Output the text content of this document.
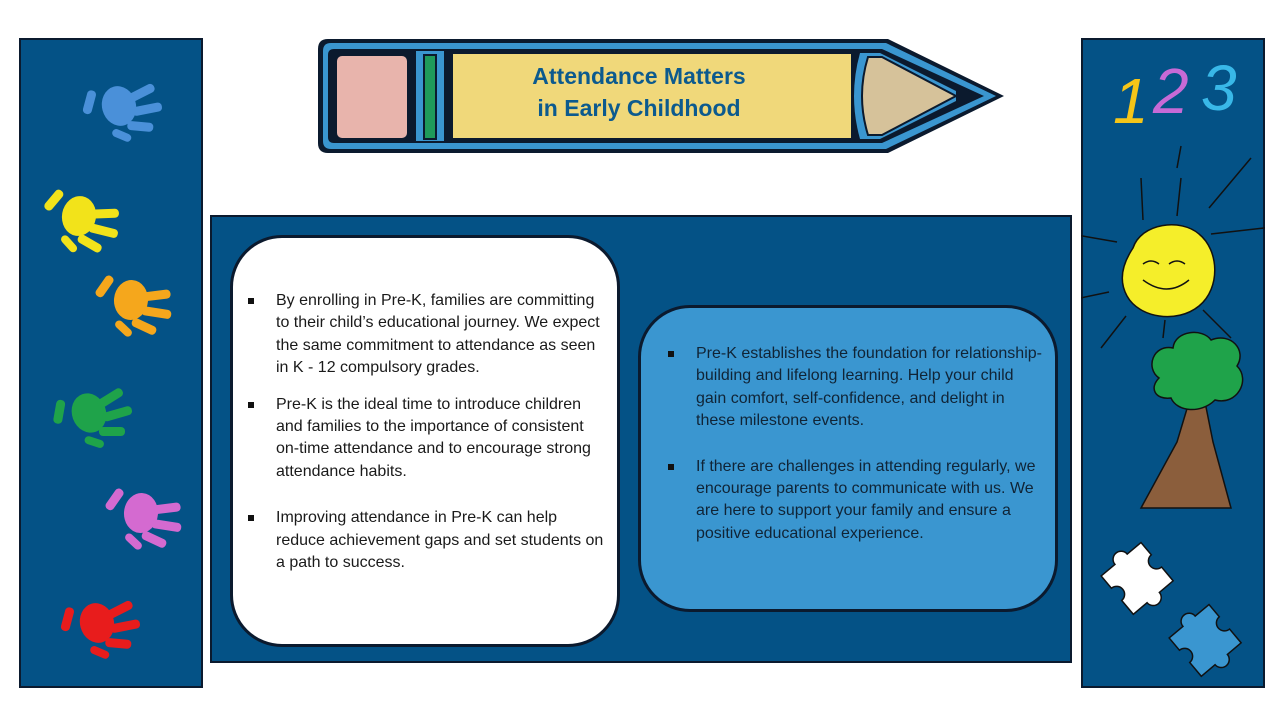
1 2 3
Attendance Matters
in Early Childhood
By enrolling in Pre-K, families are committing to their child’s educational journey. We expect the same commitment to attendance as seen in K - 12 compulsory grades.
Pre-K is the ideal time to introduce children and families to the importance of consistent on-time attendance and to encourage strong attendance habits.
Improving attendance in Pre-K can help reduce achievement gaps and set students on a path to success.
Pre-K establishes the foundation for relationship-building and lifelong learning. Help your child gain comfort, self-confidence, and delight in these milestone events.
If there are challenges in attending regularly, we encourage parents to communicate with us. We are here to support your family and ensure a positive educational experience.
